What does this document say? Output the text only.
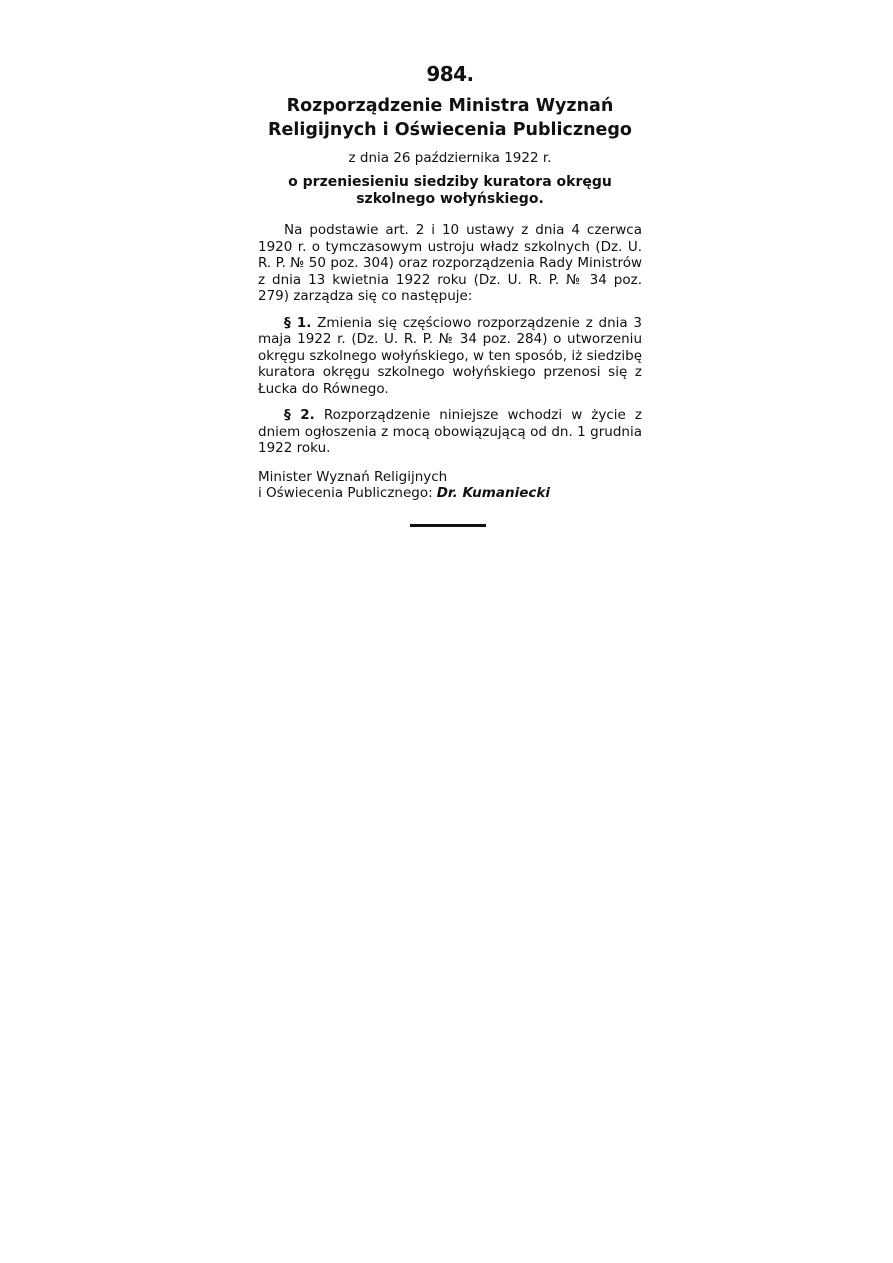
984.
Rozporządzenie Ministra Wyznań
Religijnych i Oświecenia Publicznego
z dnia 26 października 1922 r.
o przeniesieniu siedziby kuratora okręgu
szkolnego wołyńskiego.

Na podstawie art. 2 i 10 ustawy z dnia 4 czerwca 1920 r. o tymczasowym ustroju władz szkolnych (Dz. U. R. P. № 50 poz. 304) oraz rozporządzenia Rady Ministrów z dnia 13 kwietnia 1922 roku (Dz. U. R. P. № 34 poz. 279) zarządza się co następuje:

§ 1. Zmienia się częściowo rozporządzenie z dnia 3 maja 1922 r. (Dz. U. R. P. № 34 poz. 284) o utworzeniu okręgu szkolnego wołyńskiego, w ten sposób, iż siedzibę kuratora okręgu szkolnego wołyńskiego przenosi się z Łucka do Równego.

§ 2. Rozporządzenie niniejsze wchodzi w życie z dniem ogłoszenia z mocą obowiązującą od dn. 1 grudnia 1922 roku.

Minister Wyznań Religijnych
i Oświecenia Publicznego: Dr. Kumaniecki
